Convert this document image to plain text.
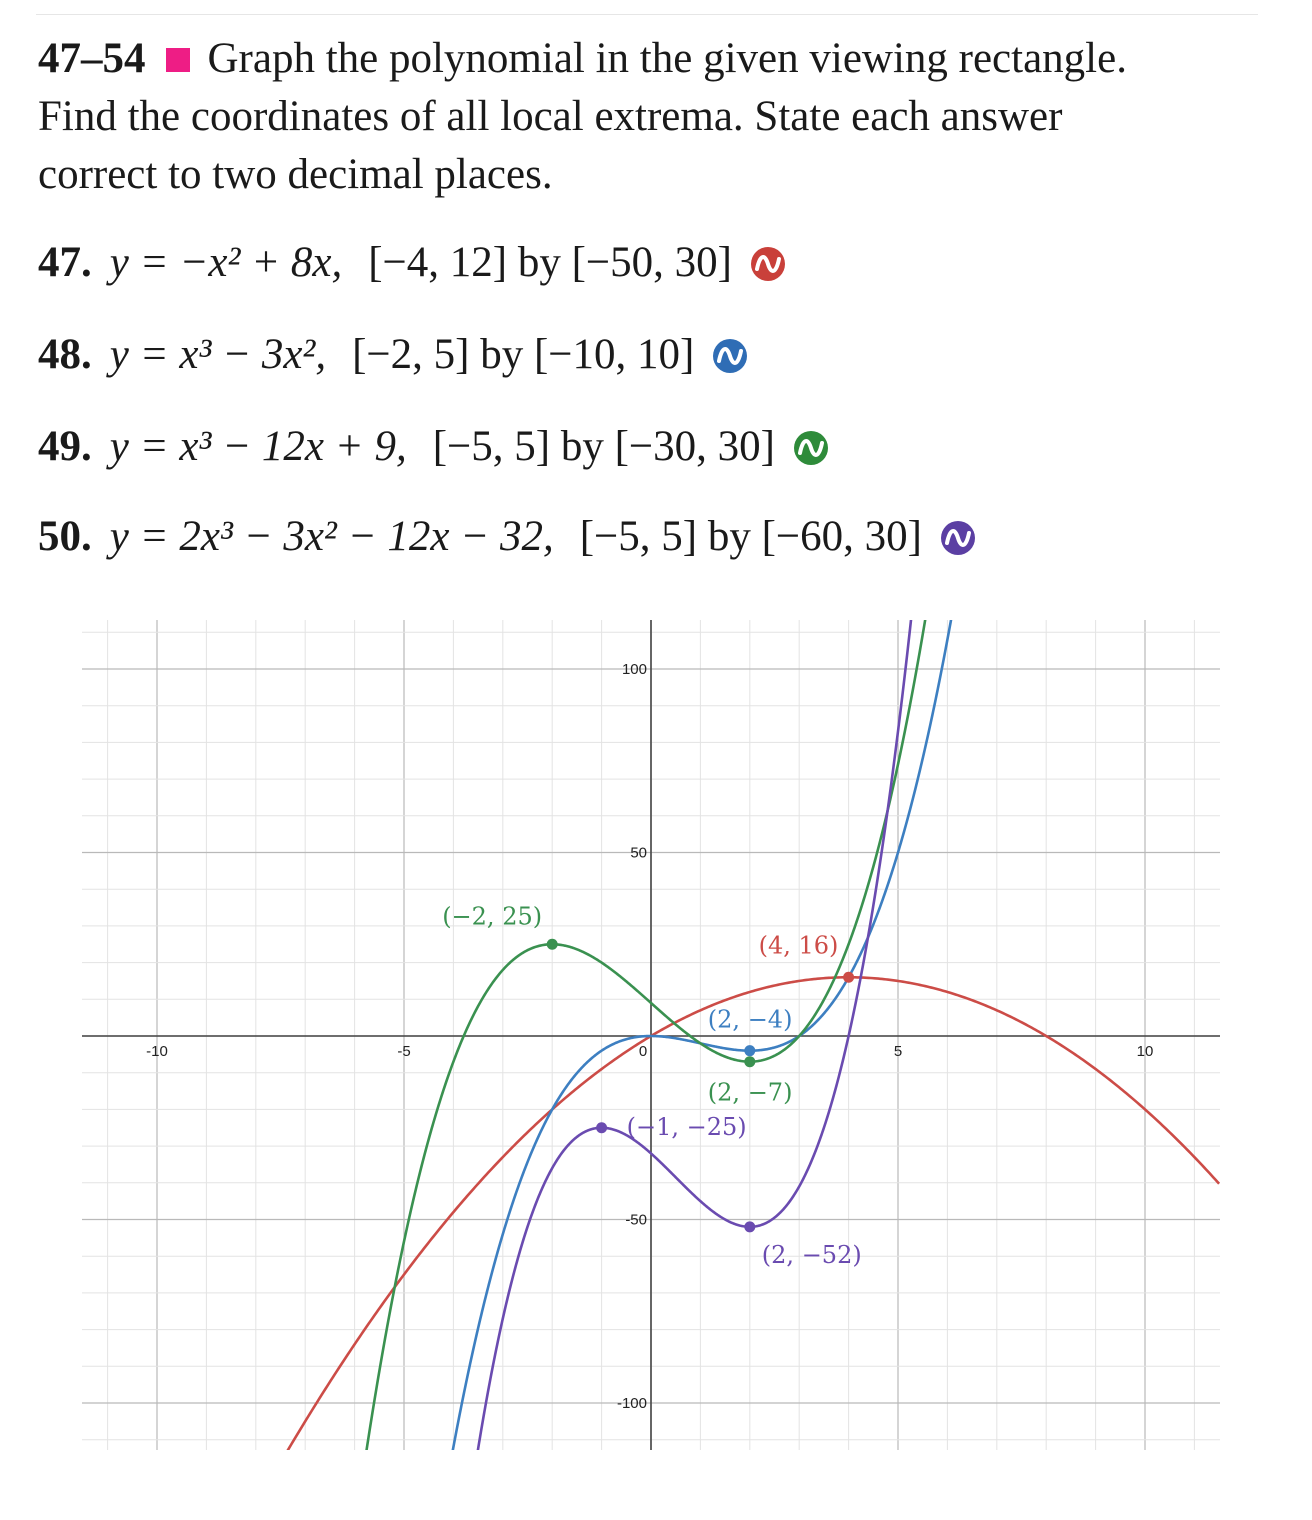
47–54 Graph the polynomial in the given viewing rectangle.
Find the coordinates of all local extrema. State each answer
correct to two decimal places.
47. y = −x² + 8x, [−4, 12] by [−50, 30]
48. y = x³ − 3x², [−2, 5] by [−10, 10]
49. y = x³ − 12x + 9, [−5, 5] by [−30, 30]
50. y = 2x³ − 3x² − 12x − 32, [−5, 5] by [−60, 30]
-10	-5	0	5	10
100
50
-50
-100
(4, 16)
(2, −4)
(−2, 25)
(2, −7)
(−1, −25)
(2, −52)
